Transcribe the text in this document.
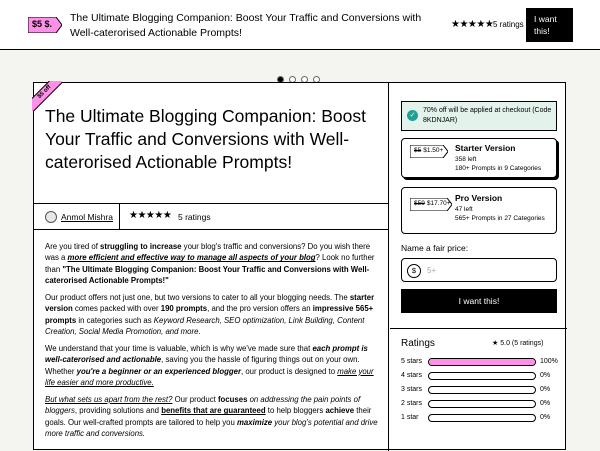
$5 $. The Ultimate Blogging Companion: Boost Your Traffic and Conversions with Well-caterorised Actionable Prompts!
★★★★★ 5 ratings
I want this!
$5 off
The Ultimate Blogging Companion: Boost Your Traffic and Conversions with Well-caterorised Actionable Prompts!
Anmol Mishra ★★★★★ 5 ratings

Are you tired of struggling to increase your blog's traffic and conversions? Do you wish there was a more efficient and effective way to manage all aspects of your blog? Look no further than "The Ultimate Blogging Companion: Boost Your Traffic and Conversions with Well-caterorised Actionable Prompts!"

Our product offers not just one, but two versions to cater to all your blogging needs. The starter version comes packed with over 190 prompts, and the pro version offers an impressive 565+ prompts in categories such as Keyword Research, SEO optimization, Link Building, Content Creation, Social Media Promotion, and more.

We understand that your time is valuable, which is why we've made sure that each prompt is well-caterorised and actionable, saving you the hassle of figuring things out on your own. Whether you're a beginner or an experienced blogger, our product is designed to make your life easier and more productive.

But what sets us apart from the rest? Our product focuses on addressing the pain points of bloggers, providing solutions and benefits that are guaranteed to help bloggers achieve their goals. Our well-crafted prompts are tailored to help you maximize your blog's potential and drive more traffic and conversions.

✓
70% off will be applied at checkout (Code 8KDNJAR)
$5 $1.50+ Starter Version
358 left
180+ Prompts in 9 Categories
$59 $17.70+
Pro Version
47 left
565+ Prompts in 27 Categories
Name a fair price:
$	5+
I want this!
Ratings	★ 5.0 (5 ratings)
5 stars	100%
4 stars	0%
3 stars	0%
2 stars	0%
1 star	0%
